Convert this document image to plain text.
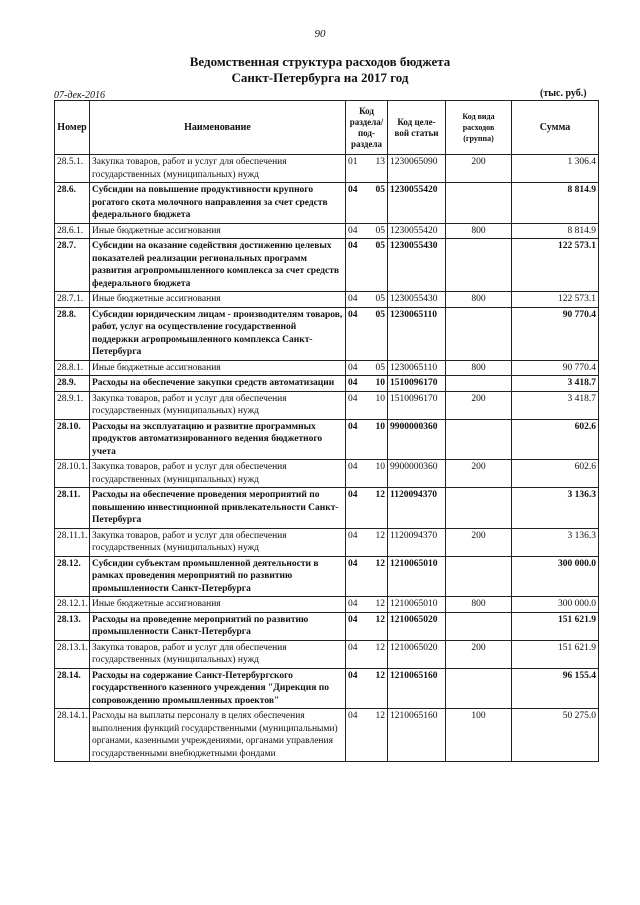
90
Ведомственная структура расходов бюджета
Санкт-Петербурга на 2017 год
07-дек-2016	(тыс. руб.)
Номер	Наименование	Код раздела/ под- раздела	Код целе- вой статьи	Код вида расходов (группа)	Сумма
28.5.1.	Закупка товаров, работ и услуг для обеспечения государственных (муниципальных) нужд	01 13	1230065090	200	1 306.4
28.6.	Субсидии на повышение продуктивности крупного рогатого скота молочного направления за счет средств федерального бюджета	04 05	1230055420		8 814.9
28.6.1.	Иные бюджетные ассигнования	04 05	1230055420	800	8 814.9
28.7.	Субсидии на оказание содействия достижению целевых показателей реализации региональных программ развития агропромышленного комплекса за счет средств федерального бюджета	04 05	1230055430		122 573.1
28.7.1.	Иные бюджетные ассигнования	04 05	1230055430	800	122 573.1
28.8.	Субсидии юридическим лицам - производителям товаров, работ, услуг на осуществление государственной поддержки агропромышленного комплекса Санкт-Петербурга	04 05	1230065110		90 770.4
28.8.1.	Иные бюджетные ассигнования	04 05	1230065110	800	90 770.4
28.9.	Расходы на обеспечение закупки средств автоматизации	04 10	1510096170		3 418.7
28.9.1.	Закупка товаров, работ и услуг для обеспечения государственных (муниципальных) нужд	04 10	1510096170	200	3 418.7
28.10.	Расходы на эксплуатацию и развитие программных продуктов автоматизированного ведения бюджетного учета	04 10	9900000360		602.6
28.10.1.	Закупка товаров, работ и услуг для обеспечения государственных (муниципальных) нужд	04 10	9900000360	200	602.6
28.11.	Расходы на обеспечение проведения мероприятий по повышению инвестиционной привлекательности Санкт-Петербурга	04 12	1120094370		3 136.3
28.11.1.	Закупка товаров, работ и услуг для обеспечения государственных (муниципальных) нужд	04 12	1120094370	200	3 136.3
28.12.	Субсидии субъектам промышленной деятельности в рамках проведения мероприятий по развитию промышленности Санкт-Петербурга	04 12	1210065010		300 000.0
28.12.1.	Иные бюджетные ассигнования	04 12	1210065010	800	300 000.0
28.13.	Расходы на проведение мероприятий по развитию промышленности Санкт-Петербурга	04 12	1210065020		151 621.9
28.13.1.	Закупка товаров, работ и услуг для обеспечения государственных (муниципальных) нужд	04 12	1210065020	200	151 621.9
28.14.	Расходы на содержание Санкт-Петербургского государственного казенного учреждения "Дирекция по сопровождению промышленных проектов"	04 12	1210065160		96 155.4
28.14.1.	Расходы на выплаты персоналу в целях обеспечения выполнения функций государственными (муниципальными) органами, казенными учреждениями, органами управления государственными внебюджетными фондами	04 12	1210065160	100	50 275.0
